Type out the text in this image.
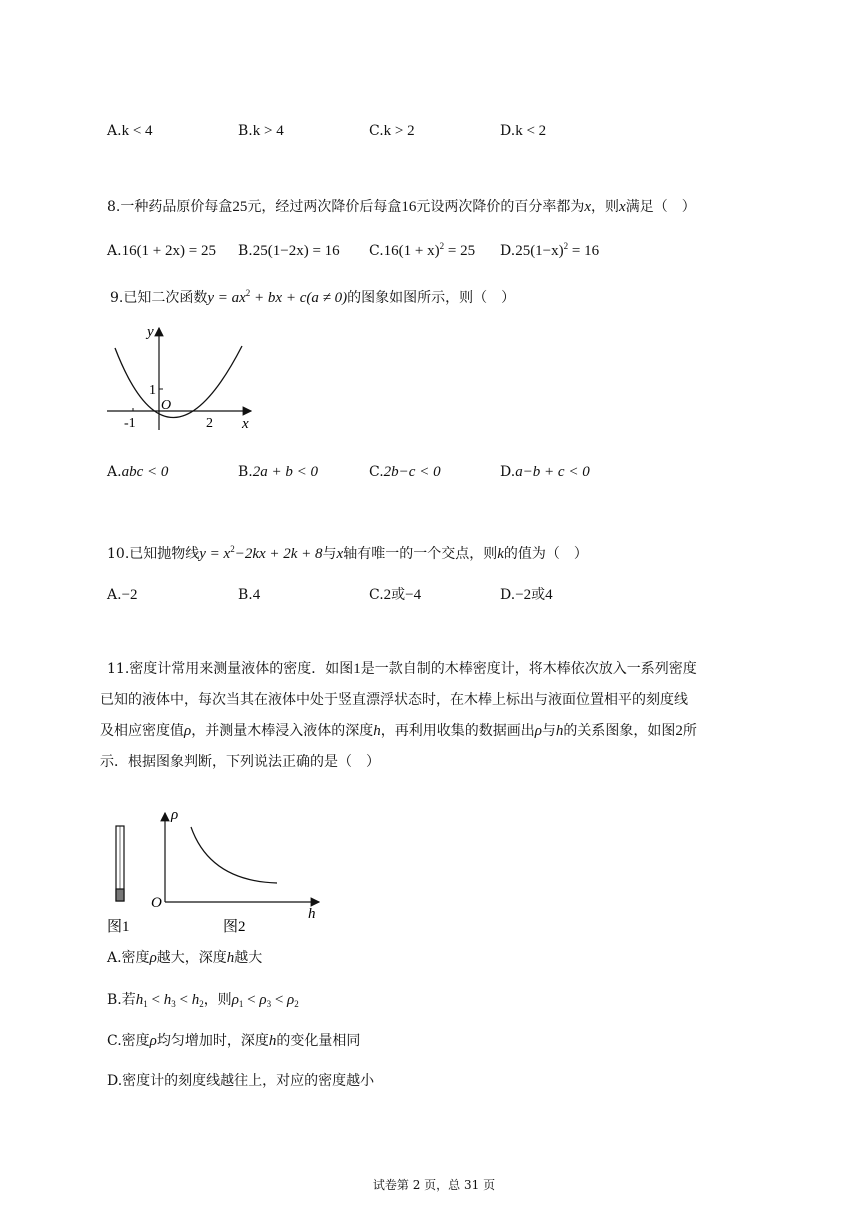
A.k < 4	B.k > 4	C.k > 2	D.k < 2
8.一种药品原价每盒25元，经过两次降价后每盒16元设两次降价的百分率都为x，则x满足（　）
A.16(1 + 2x) = 25 B.25(1−2x) = 16 $C.16(1 + x)^2 = 25$ $D.25(1-x)^2 = 16$
9.已知二次函数$y = ax^2$ + bx + c(a ≠ 0)的图象如图所示，则（　）
y
x
O
1
-1	2
A.abc < 0	B.2a + b < 0	C.2b−c < 0	D.a−b + c < 0
10.已知抛物线$y = x^2-2kx + 2k + 8$与x轴有唯一的一个交点，则k的值为（　）
A.−2	B.4	C.2或−4	D.−2或4
11.密度计常用来测量液体的密度．如图1是一款自制的木棒密度计，将木棒依次放入一系列密度
已知的液体中，每次当其在液体中处于竖直漂浮状态时，在木棒上标出与液面位置相平的刻度线
及相应密度值ρ，并测量木棒浸入液体的深度h，再利用收集的数据画出ρ与h的关系图象，如图2所
示．根据图象判断，下列说法正确的是（　）
ρ
h
O
图1	图2
A.密度ρ越大，深度h越大
B.若$h_1 < h_3 < h_2$，则$\rho_1 < \rho_3 < \rho_2$
C.密度ρ均匀增加时，深度h的变化量相同
D.密度计的刻度线越往上，对应的密度越小
试卷第 2 页，总 31 页
